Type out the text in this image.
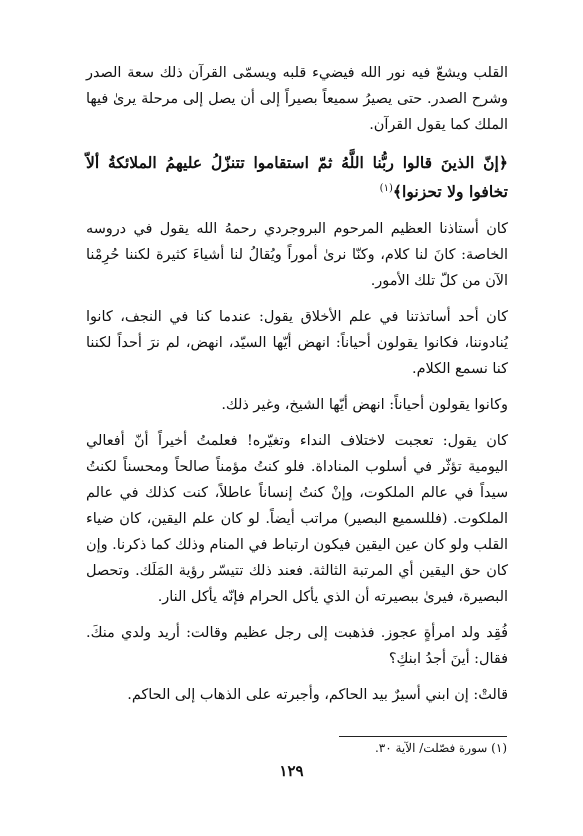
القلب ويشعّ فيه نور الله فيضيء قلبه ويسمّى القرآن ذلك سعة الصدر وشرح الصدر. حتى يصيرُ سميعاً بصيراً إلى أن يصل إلى مرحلة يرىٰ فيها الملك كما يقول القرآن.

﴿إنّ الذينَ قالوا ربُّنا اللَّهُ ثمّ استقاموا تتنزّلُ عليهمُ الملائكةُ ألاّ تخافوا ولا تحزنوا﴾$^{(١)}$

كان أستاذنا العظيم المرحوم البروجردي رحمهُ الله يقول في دروسه الخاصة: كانَ لنا كلام، وكنّا نرىٰ أموراً ويُقالُ لنا أشياءَ كثيرة لكننا حُرِمْنا الآن من كلّ تلك الأمور.

كان أحد أساتذتنا في علم الأخلاق يقول: عندما كنا في النجف، كانوا يُنادوننا، فكانوا يقولون أحياناً: انهض أيّها السيّد، انهض، لم نرَ أحداً لكننا كنا نسمع الكلام.

وكانوا يقولون أحياناً: انهض أيّها الشيخ، وغير ذلك.

كان يقول: تعجبت لاختلاف النداء وتغيّره! فعلمتُ أخيراً أنّ أفعالي اليومية تؤثّر في أسلوب المناداة. فلو كنتُ مؤمناً صالحاً ومحسناً لكنتُ سيداً في عالم الملكوت، وإنْ كنتُ إنساناً عاطلاً، كنت كذلك في عالم الملكوت. (فللسميع البصير) مراتب أيضاً. لو كان علم اليقين، كان ضياء القلب ولو كان عين اليقين فيكون ارتباط في المنام وذلك كما ذكرنا. وإن كان حق اليقين أي المرتبة الثالثة. فعند ذلك تتيسّر رؤية المَلَك. وتحصل البصيرة، فيرىٰ ببصيرته أن الذي يأكل الحرام فإنّه يأكل النار.

فُقِد ولد امرأةٍ عجوز. فذهبت إلى رجل عظيم وقالت: أريد ولدي منكَ. فقال: أينَ أجدُ ابنكِ؟

قالتْ: إن ابني أسيرٌ بيد الحاكم، وأجبرته على الذهاب إلى الحاكم.

(١) سورة فصّلت/ الآية ٣٠.
١٢٩
